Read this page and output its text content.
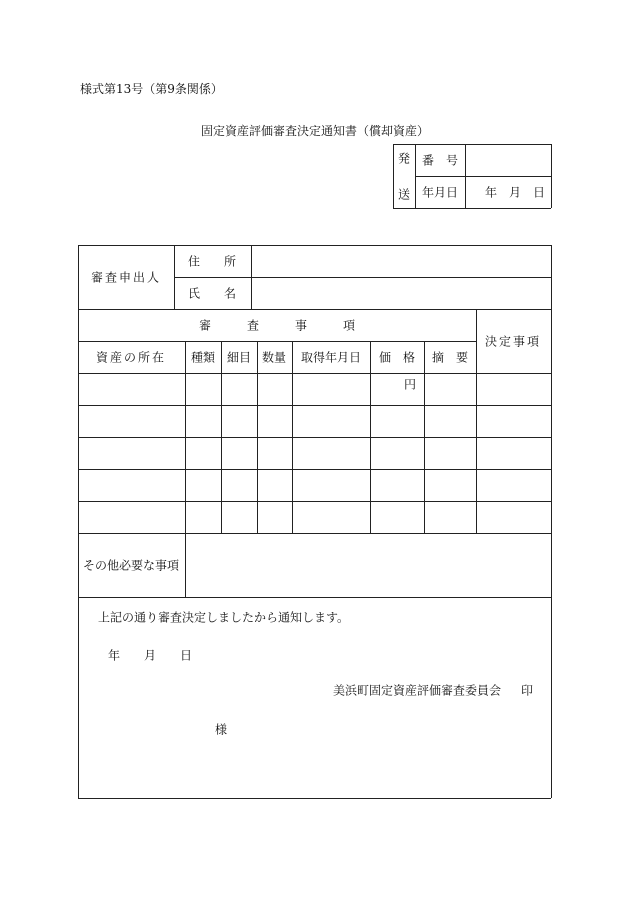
様式第13号（第9条関係）
固定資産評価審査決定通知書（償却資産）
発
送
番　号
年月日 年　月　日
審査申出人
住　　所
氏　　名
審　　　査　　　事　　　項
決定事項
資産の所在 種類 細目 数量 取得年月日 価　格 摘　要
円
その他必要な事項
上記の通り審査決定しましたから通知します。
年　　月　　日
美浜町固定資産評価審査委員会 印
様
